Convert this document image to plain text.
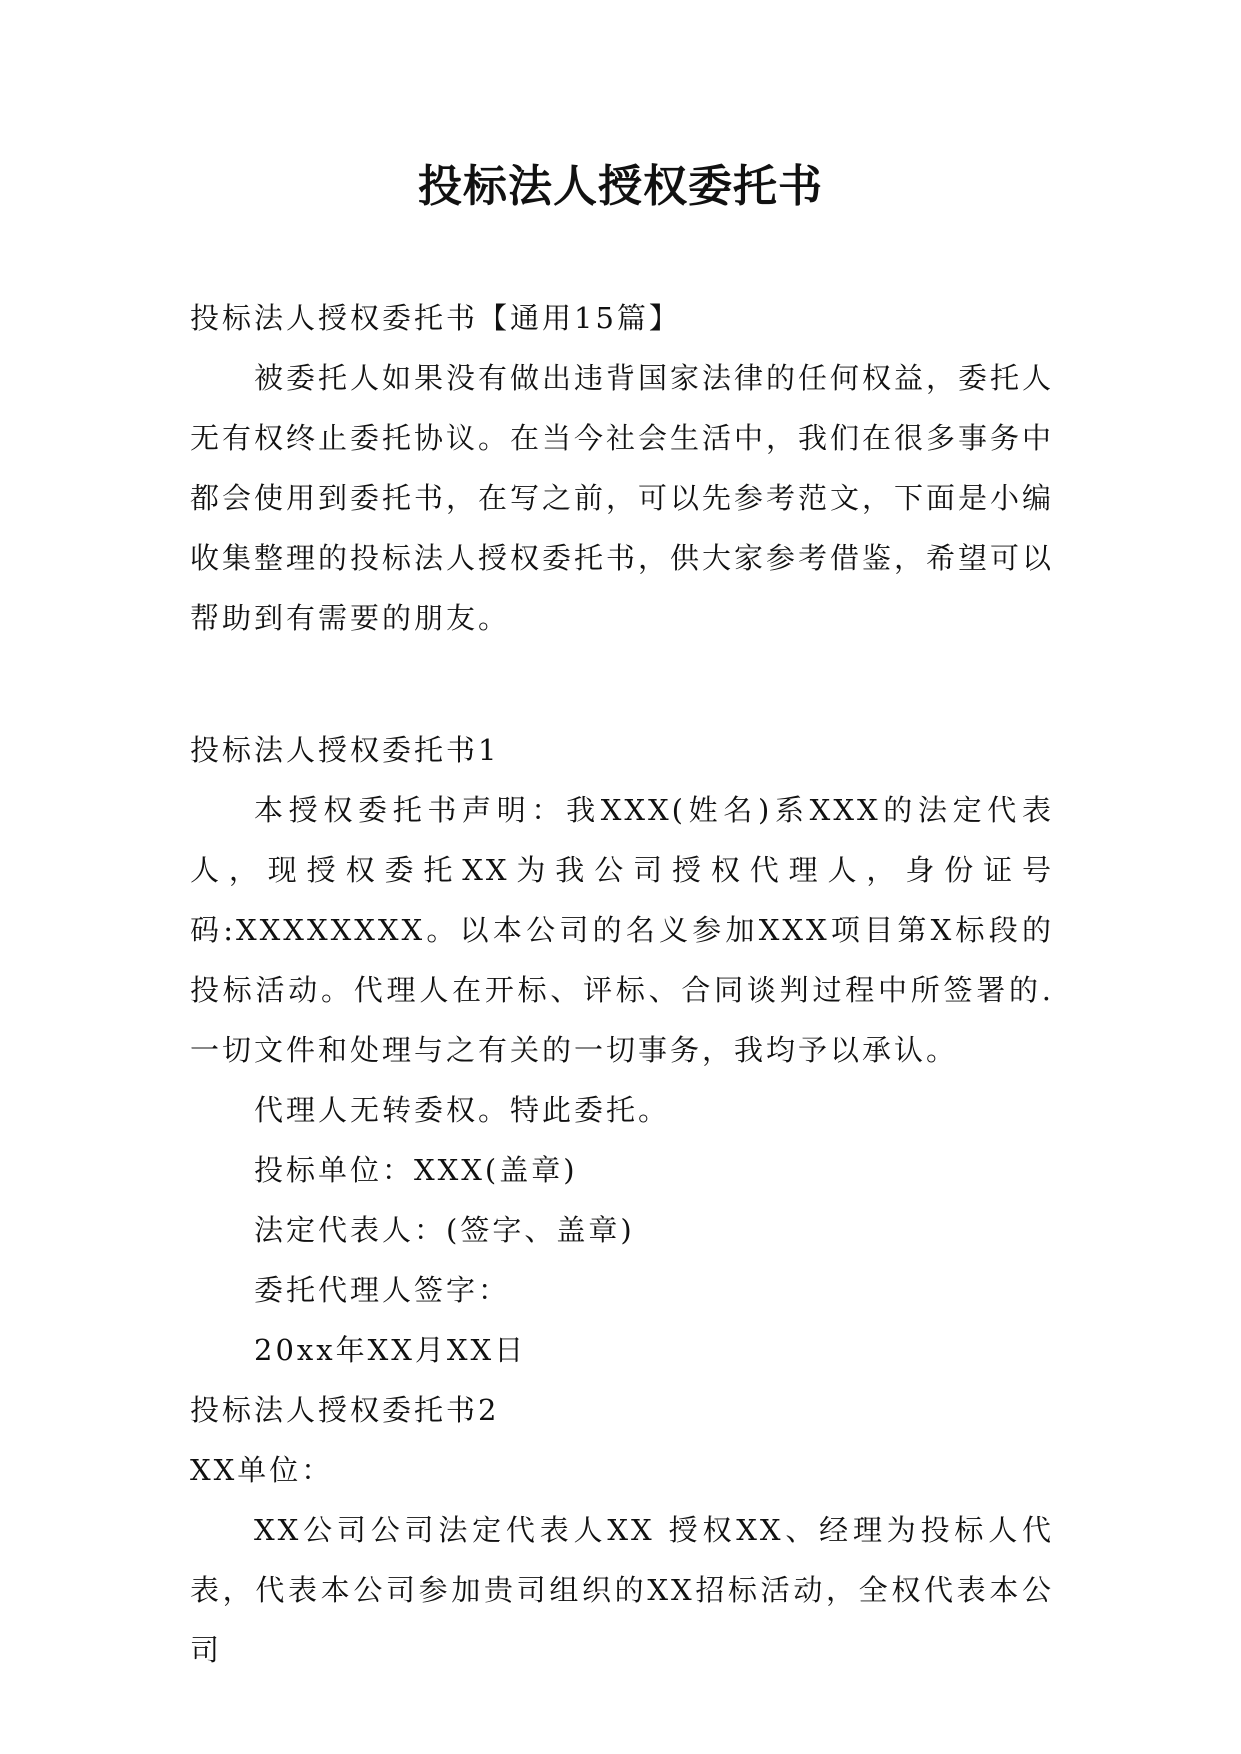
投标法人授权委托书
投标法人授权委托书【通用15篇】

被委托人如果没有做出违背国家法律的任何权益，委托人无有权终止委托协议。在当今社会生活中，我们在很多事务中都会使用到委托书，在写之前，可以先参考范文，下面是小编收集整理的投标法人授权委托书，供大家参考借鉴，希望可以帮助到有需要的朋友。

投标法人授权委托书1

本授权委托书声明：我XXX(姓名)系XXX的法定代表人，现授权委托XX为我公司授权代理人，身份证号码:XXXXXXXX。以本公司的名义参加XXX项目第X标段的投标活动。代理人在开标、评标、合同谈判过程中所签署的.一切文件和处理与之有关的一切事务，我均予以承认。

代理人无转委权。特此委托。
投标单位：XXX(盖章)
法定代表人：(签字、盖章)
委托代理人签字：
20xx年XX月XX日
投标法人授权委托书2
XX单位：

XX公司公司法定代表人XX 授权XX、经理为投标人代表，代表本公司参加贵司组织的XX招标活动，全权代表本公司
